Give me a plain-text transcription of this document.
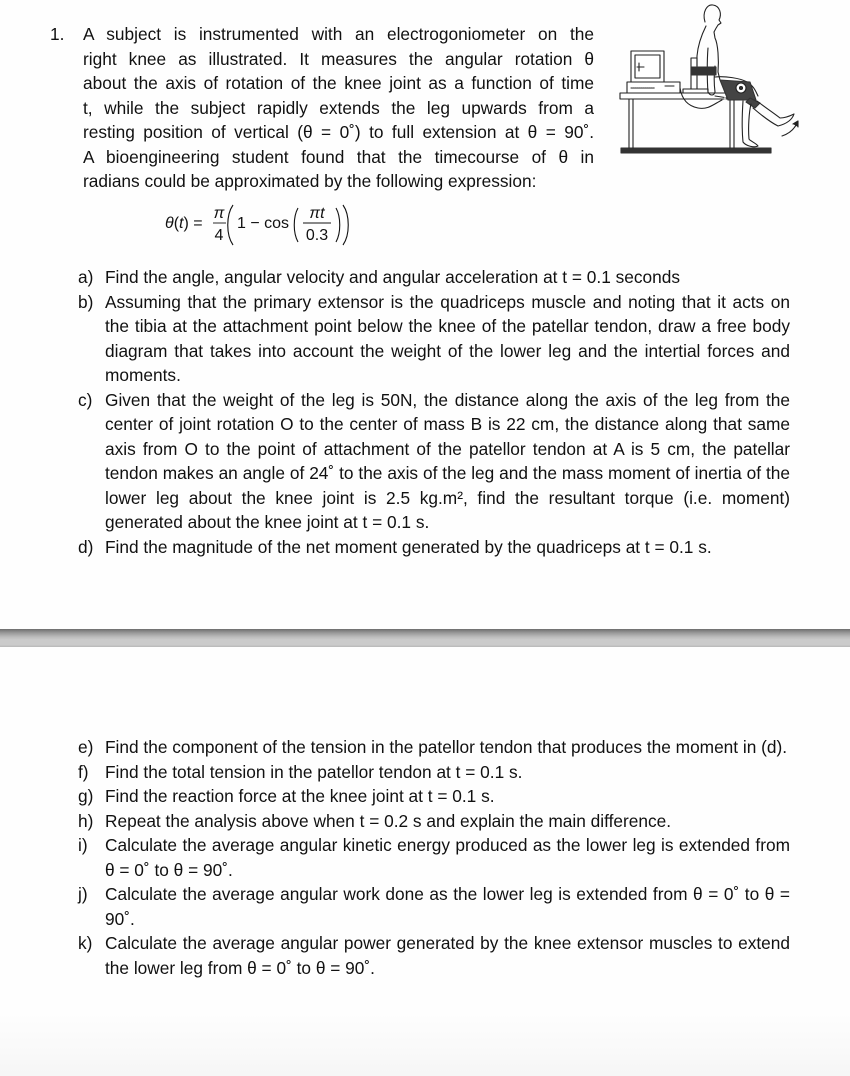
1. A subject is instrumented with an electrogoniometer on the
right knee as illustrated. It measures the angular rotation θ
about the axis of rotation of the knee joint as a function of time
t, while the subject rapidly extends the leg upwards from a
resting position of vertical (θ = 0˚) to full extension at θ = 90˚.
A bioengineering student found that the timecourse of θ in
radians could be approximated by the following expression:
θ(t) =
π
4
1 − cos
πt
0.3
a) Find the angle, angular velocity and angular acceleration at t = 0.1 seconds
b) Assuming that the primary extensor is the quadriceps muscle and noting that it acts on the tibia at the attachment point below the knee of the patellar tendon, draw a free body diagram that takes into account the weight of the lower leg and the intertial forces and moments.
c) Given that the weight of the leg is 50N, the distance along the axis of the leg from the center of joint rotation O to the center of mass B is 22 cm, the distance along that same axis from O to the point of attachment of the patellor tendon at A is 5 cm, the patellar tendon makes an angle of 24˚ to the axis of the leg and the mass moment of inertia of the lower leg about the knee joint is 2.5 kg.m², find the resultant torque (i.e. moment) generated about the knee joint at t = 0.1 s.
d) Find the magnitude of the net moment generated by the quadriceps at t = 0.1 s.
e) Find the component of the tension in the patellor tendon that produces the moment in (d).
f) Find the total tension in the patellor tendon at t = 0.1 s.
g) Find the reaction force at the knee joint at t = 0.1 s.
h) Repeat the analysis above when t = 0.2 s and explain the main difference.
i) Calculate the average angular kinetic energy produced as the lower leg is extended from θ = 0˚ to θ = 90˚.
j) Calculate the average angular work done as the lower leg is extended from θ = 0˚ to θ = 90˚.
k) Calculate the average angular power generated by the knee extensor muscles to extend the lower leg from θ = 0˚ to θ = 90˚.
